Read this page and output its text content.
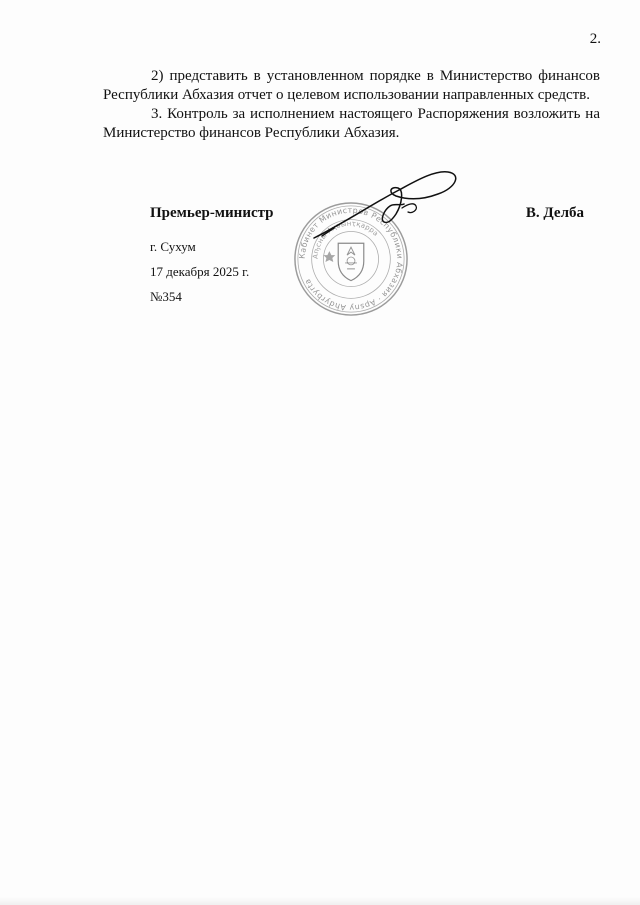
2.

2) представить в установленном порядке в Министерство финансов Республики Абхазия отчет о целевом использовании направленных средств.

3. Контроль за исполнением настоящего Распоряжения возложить на Министерство финансов Республики Абхазия.

Премьер-министр	В. Делба
г. Сухум
17 декабря 2025 г.
№354
Кабинет Министров Республики Абхазия · Apsny Ahdyrbyrta
Аҧсны Аҳәынҭқарра
